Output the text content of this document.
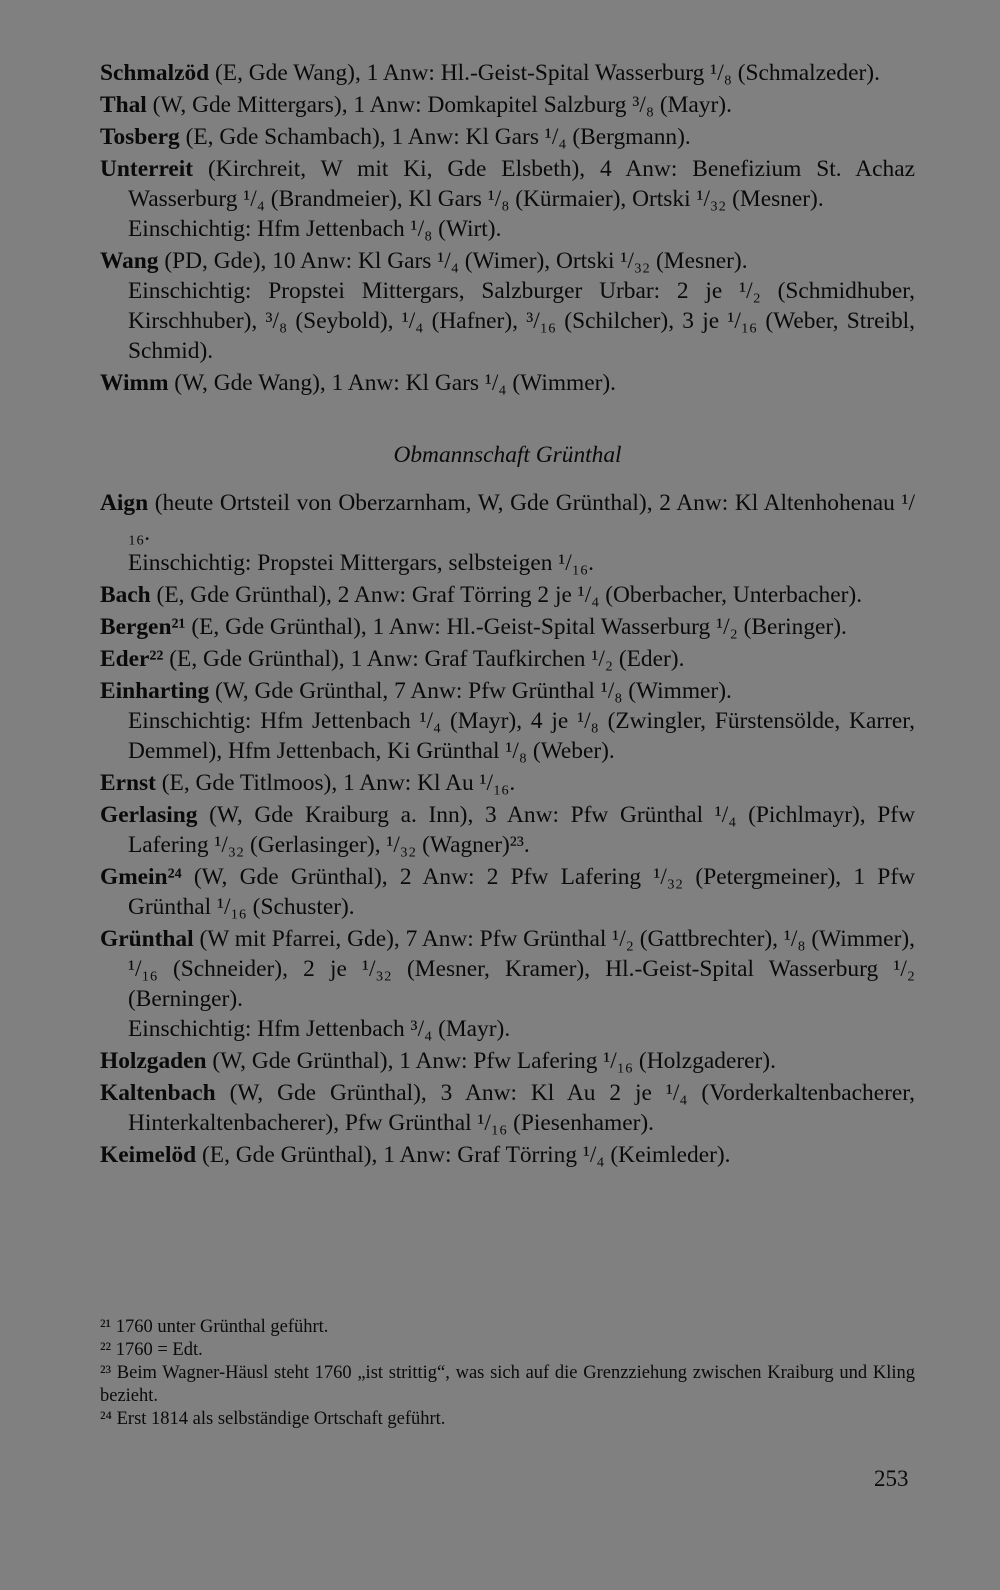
Schmalzöd (E, Gde Wang), 1 Anw: Hl.-Geist-Spital Wasserburg ¹/₈ (Schmalzeder).

Thal (W, Gde Mittergars), 1 Anw: Domkapitel Salzburg ³/₈ (Mayr).

Tosberg (E, Gde Schambach), 1 Anw: Kl Gars ¹/₄ (Bergmann).

Unterreit (Kirchreit, W mit Ki, Gde Elsbeth), 4 Anw: Benefizium St. Achaz Wasserburg ¹/₄ (Brandmeier), Kl Gars ¹/₈ (Kürmaier), Ortski ¹/₃₂ (Mesner).
Einschichtig: Hfm Jettenbach ¹/₈ (Wirt).

Wang (PD, Gde), 10 Anw: Kl Gars ¹/₄ (Wimer), Ortski ¹/₃₂ (Mesner).
Einschichtig: Propstei Mittergars, Salzburger Urbar: 2 je ¹/₂ (Schmidhuber, Kirschhuber), ³/₈ (Seybold), ¹/₄ (Hafner), ³/₁₆ (Schilcher), 3 je ¹/₁₆ (Weber, Streibl, Schmid).

Wimm (W, Gde Wang), 1 Anw: Kl Gars ¹/₄ (Wimmer).

Obmannschaft Grünthal

Aign (heute Ortsteil von Oberzarnham, W, Gde Grünthal), 2 Anw: Kl Altenhohenau ¹/₁₆.
Einschichtig: Propstei Mittergars, selbsteigen ¹/₁₆.

Bach (E, Gde Grünthal), 2 Anw: Graf Törring 2 je ¹/₄ (Oberbacher, Unterbacher).

Bergen²¹ (E, Gde Grünthal), 1 Anw: Hl.-Geist-Spital Wasserburg ¹/₂ (Beringer).

Eder²² (E, Gde Grünthal), 1 Anw: Graf Taufkirchen ¹/₂ (Eder).

Einharting (W, Gde Grünthal, 7 Anw: Pfw Grünthal ¹/₈ (Wimmer).
Einschichtig: Hfm Jettenbach ¹/₄ (Mayr), 4 je ¹/₈ (Zwingler, Fürstensölde, Karrer, Demmel), Hfm Jettenbach, Ki Grünthal ¹/₈ (Weber).

Ernst (E, Gde Titlmoos), 1 Anw: Kl Au ¹/₁₆.

Gerlasing (W, Gde Kraiburg a. Inn), 3 Anw: Pfw Grünthal ¹/₄ (Pichlmayr), Pfw Lafering ¹/₃₂ (Gerlasinger), ¹/₃₂ (Wagner)²³.

Gmein²⁴ (W, Gde Grünthal), 2 Anw: 2 Pfw Lafering ¹/₃₂ (Petergmeiner), 1 Pfw Grünthal ¹/₁₆ (Schuster).

Grünthal (W mit Pfarrei, Gde), 7 Anw: Pfw Grünthal ¹/₂ (Gattbrechter), ¹/₈ (Wimmer), ¹/₁₆ (Schneider), 2 je ¹/₃₂ (Mesner, Kramer), Hl.-Geist-Spital Wasserburg ¹/₂ (Berninger).
Einschichtig: Hfm Jettenbach ³/₄ (Mayr).

Holzgaden (W, Gde Grünthal), 1 Anw: Pfw Lafering ¹/₁₆ (Holzgaderer).

Kaltenbach (W, Gde Grünthal), 3 Anw: Kl Au 2 je ¹/₄ (Vorderkaltenbacherer, Hinterkaltenbacherer), Pfw Grünthal ¹/₁₆ (Piesenhamer).

Keimelöd (E, Gde Grünthal), 1 Anw: Graf Törring ¹/₄ (Keimleder).

²¹ 1760 unter Grünthal geführt.

²² 1760 = Edt.

²³ Beim Wagner-Häusl steht 1760 „ist strittig“, was sich auf die Grenzziehung zwischen Kraiburg und Kling bezieht.

²⁴ Erst 1814 als selbständige Ortschaft geführt.

253
